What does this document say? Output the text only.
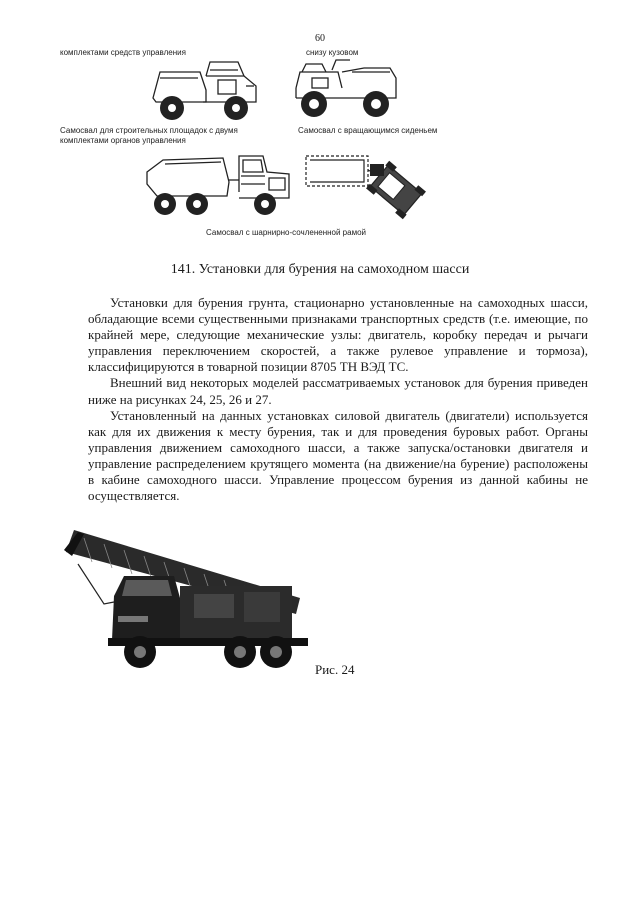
60
комплектами средств управления	снизу кузовом
Самосвал для строительных площадок с двумя комплектами органов управления
Самосвал с вращающимся сиденьем
Самосвал с шарнирно-сочлененной рамой
141. Установки для бурения на самоходном шасси

Установки для бурения грунта, стационарно установленные на самоходных шасси, обладающие всеми существенными признаками транспортных средств (т.е. имеющие, по крайней мере, следующие механические узлы: двигатель, коробку передач и рычаги управления переключением скоростей, а также рулевое управление и тормоза), классифицируются в товарной позиции 8705 ТН ВЭД ТС.

Внешний вид некоторых моделей рассматриваемых установок для бурения приведен ниже на рисунках 24, 25, 26 и 27.

Установленный на данных установках силовой двигатель (двигатели) используется как для их движения к месту бурения, так и для проведения буровых работ. Органы управления движением самоходного шасси, а также запуска/остановки двигателя и управление распределением крутящего момента (на движение/на бурение) расположены в кабине самоходного шасси. Управление процессом бурения из данной кабины не осуществляется.

Рис. 24
